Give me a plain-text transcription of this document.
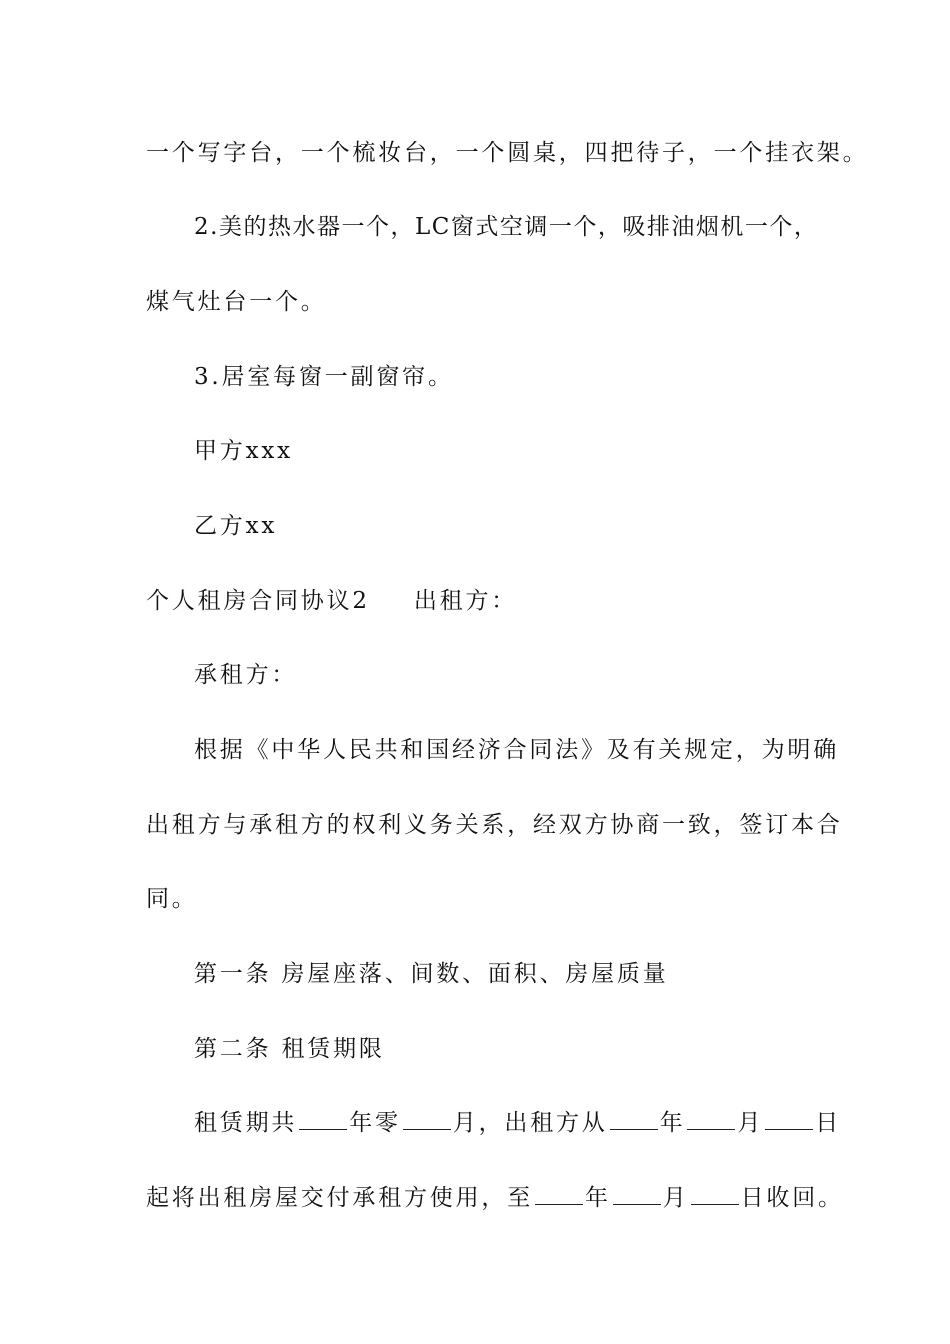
一个写字台，一个梳妆台，一个圆桌，四把待子，一个挂衣架。
2.美的热水器一个，LC窗式空调一个，吸排油烟机一个，
煤气灶台一个。
3.居室每窗一副窗帘。
甲方xxx
乙方xx
个人租房合同协议2 出租方：
承租方：
根据《中华人民共和国经济合同法》及有关规定，为明确
出租方与承租方的权利义务关系，经双方协商一致，签订本合
同。
第一条 房屋座落、间数、面积、房屋质量
第二条 租赁期限
租赁期共 年零 月，出租方从 年 月 日
起将出租房屋交付承租方使用，至 年 月 日收回。
